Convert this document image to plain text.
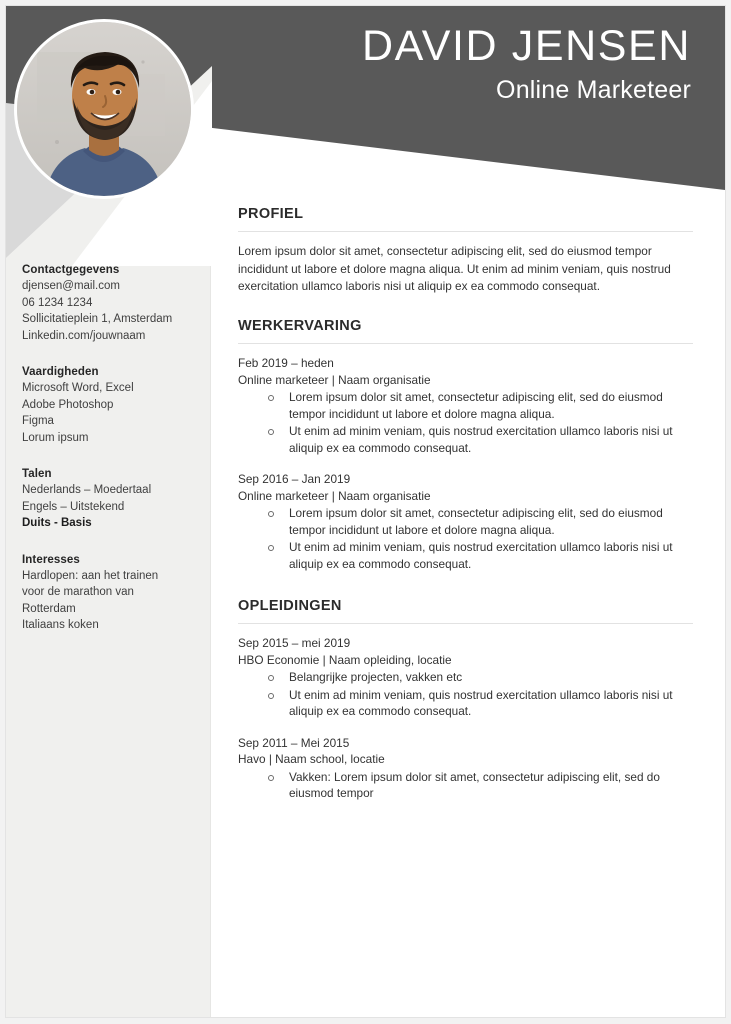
DAVID JENSEN
Online Marketeer
Contactgegevens
djensen@mail.com
06 1234 1234
Sollicitatieplein 1, Amsterdam
Linkedin.com/jouwnaam
Vaardigheden
Microsoft Word, Excel
Adobe Photoshop
Figma
Lorum ipsum
Talen
Nederlands – Moedertaal
Engels – Uitstekend
Duits - Basis
Interesses
Hardlopen: aan het trainen
voor de marathon van
Rotterdam
Italiaans koken
PROFIEL
Lorem ipsum dolor sit amet, consectetur adipiscing elit, sed do eiusmod tempor incididunt ut labore et dolore magna aliqua. Ut enim ad minim veniam, quis nostrud exercitation ullamco laboris nisi ut aliquip ex ea commodo consequat.
WERKERVARING
Feb 2019 – heden
Online marketeer | Naam organisatie
Lorem ipsum dolor sit amet, consectetur adipiscing elit, sed do eiusmod tempor incididunt ut labore et dolore magna aliqua.
Ut enim ad minim veniam, quis nostrud exercitation ullamco laboris nisi ut aliquip ex ea commodo consequat.
Sep 2016 – Jan 2019
Online marketeer | Naam organisatie
Lorem ipsum dolor sit amet, consectetur adipiscing elit, sed do eiusmod tempor incididunt ut labore et dolore magna aliqua.
Ut enim ad minim veniam, quis nostrud exercitation ullamco laboris nisi ut aliquip ex ea commodo consequat.
OPLEIDINGEN
Sep 2015 – mei 2019
HBO Economie | Naam opleiding, locatie
Belangrijke projecten, vakken etc
Ut enim ad minim veniam, quis nostrud exercitation ullamco laboris nisi ut aliquip ex ea commodo consequat.
Sep 2011 – Mei 2015
Havo | Naam school, locatie
Vakken: Lorem ipsum dolor sit amet, consectetur adipiscing elit, sed do eiusmod tempor
